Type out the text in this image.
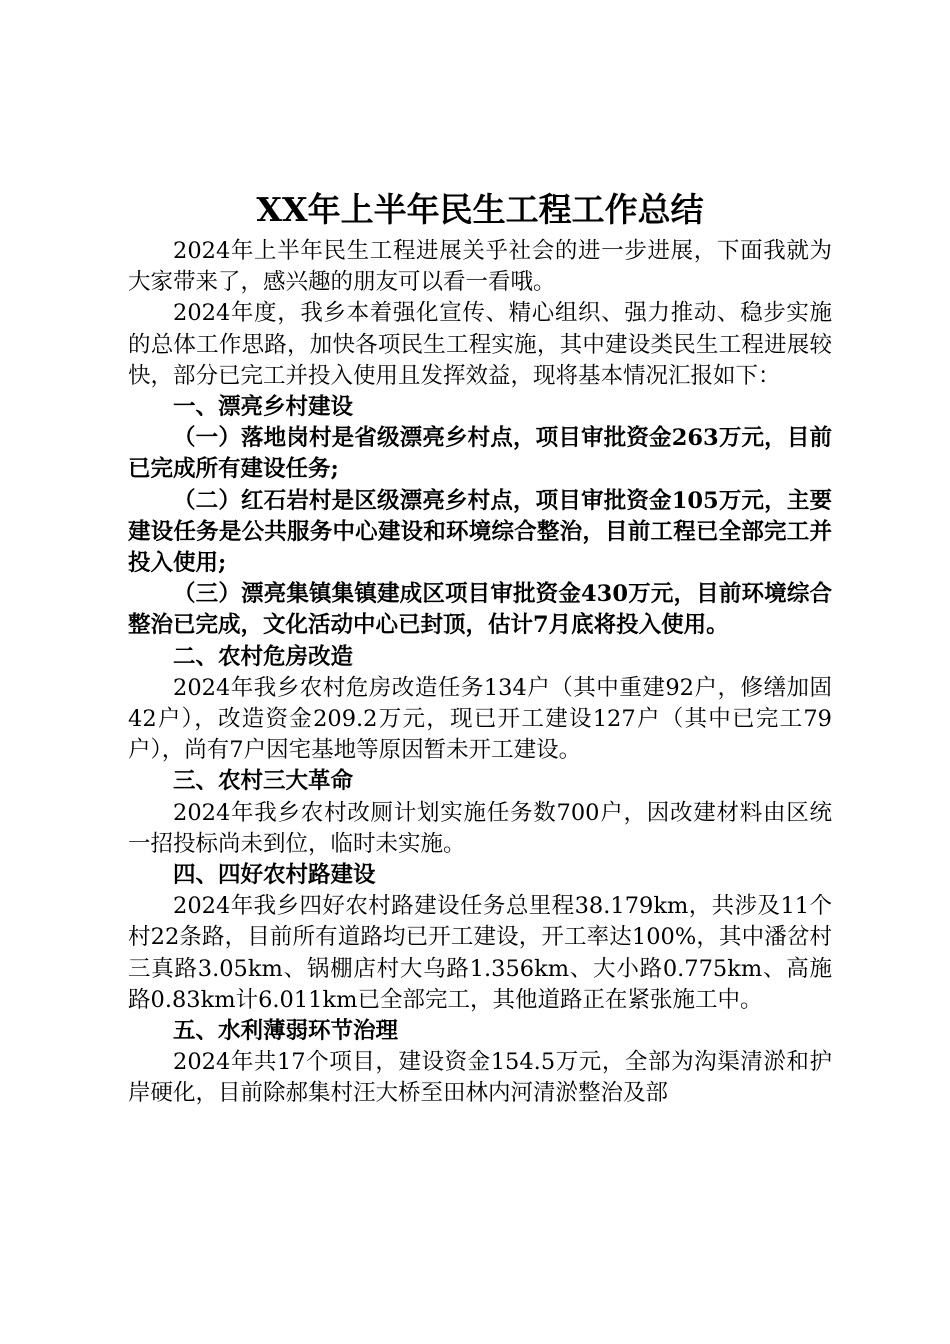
XX年上半年民生工程工作总结

2024年上半年民生工程进展关乎社会的进一步进展，下面我就为大家带来了，感兴趣的朋友可以看一看哦。

2024年度，我乡本着强化宣传、精心组织、强力推动、稳步实施的总体工作思路，加快各项民生工程实施，其中建设类民生工程进展较快，部分已完工并投入使用且发挥效益，现将基本情况汇报如下：

一、漂亮乡村建设

（一）落地岗村是省级漂亮乡村点，项目审批资金263万元，目前已完成所有建设任务;

（二）红石岩村是区级漂亮乡村点，项目审批资金105万元，主要建设任务是公共服务中心建设和环境综合整治，目前工程已全部完工并投入使用;

（三）漂亮集镇集镇建成区项目审批资金430万元，目前环境综合整治已完成，文化活动中心已封顶，估计7月底将投入使用。

二、农村危房改造

2024年我乡农村危房改造任务134户（其中重建92户，修缮加固42户），改造资金209.2万元，现已开工建设127户（其中已完工79户），尚有7户因宅基地等原因暂未开工建设。

三、农村三大革命

2024年我乡农村改厕计划实施任务数700户，因改建材料由区统一招投标尚未到位，临时未实施。

四、四好农村路建设

2024年我乡四好农村路建设任务总里程38.179km，共涉及11个村22条路，目前所有道路均已开工建设，开工率达100%，其中潘岔村三真路3.05km、锅棚店村大乌路1.356km、大小路0.775km、高施路0.83km计6.011km已全部完工，其他道路正在紧张施工中。

五、水利薄弱环节治理

2024年共17个项目，建设资金154.5万元，全部为沟渠清淤和护岸硬化，目前除郝集村汪大桥至田林内河清淤整治及部
